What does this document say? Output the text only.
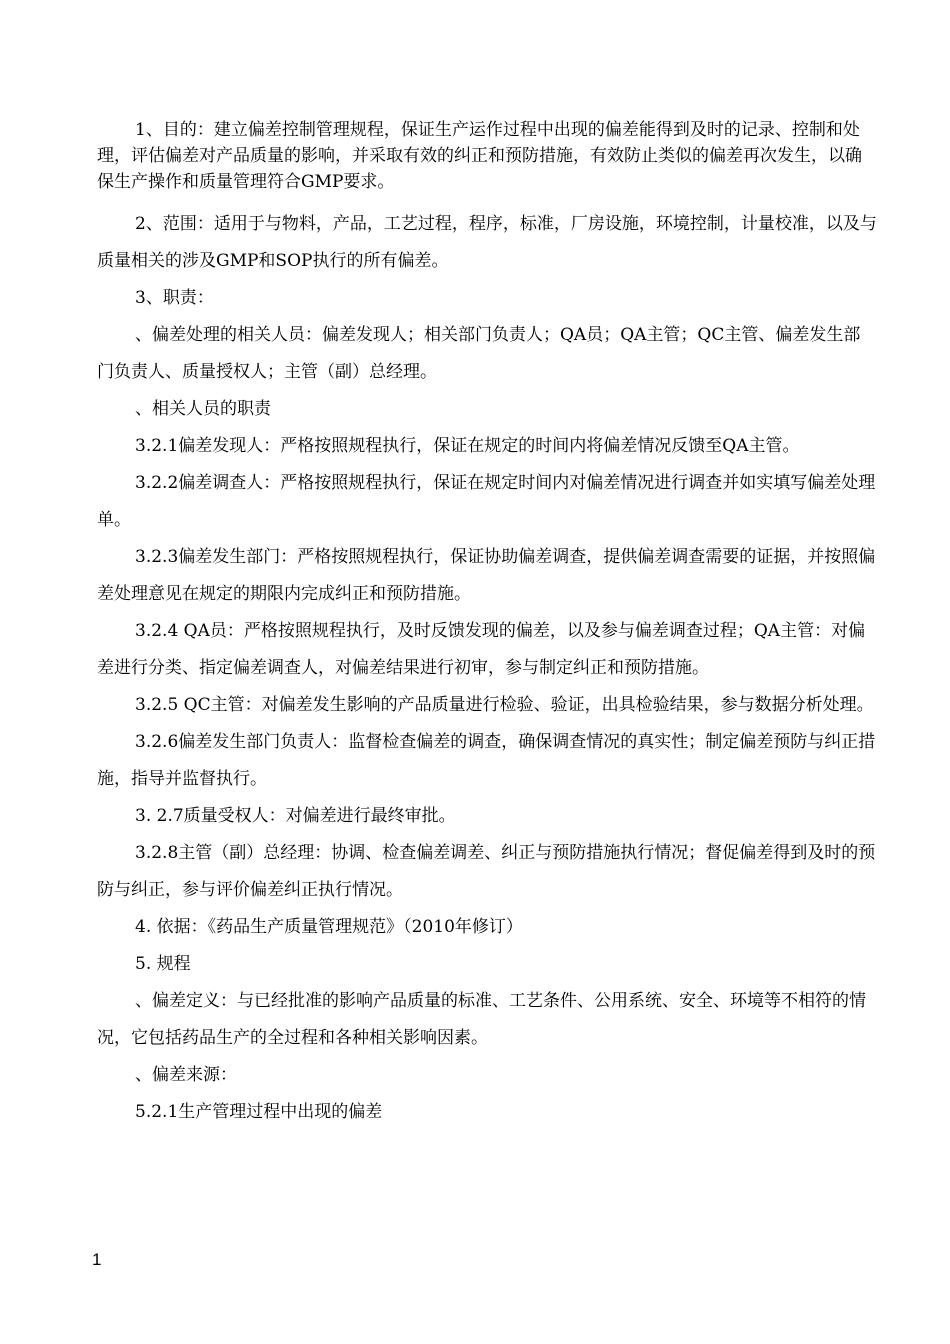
1、目的：建立偏差控制管理规程，保证生产运作过程中出现的偏差能得到及时的记录、控制和处理，评估偏差对产品质量的影响，并采取有效的纠正和预防措施，有效防止类似的偏差再次发生，以确保生产操作和质量管理符合GMP要求。

2、范围：适用于与物料，产品，工艺过程，程序，标准，厂房设施，环境控制，计量校准，以及与质量相关的涉及GMP和SOP执行的所有偏差。

3、职责：

、偏差处理的相关人员：偏差发现人；相关部门负责人；QA员；QA主管；QC主管、偏差发生部门负责人、质量授权人；主管（副）总经理。

、相关人员的职责

3.2.1偏差发现人：严格按照规程执行，保证在规定的时间内将偏差情况反馈至QA主管。

3.2.2偏差调查人：严格按照规程执行，保证在规定时间内对偏差情况进行调查并如实填写偏差处理单。

3.2.3偏差发生部门：严格按照规程执行，保证协助偏差调查，提供偏差调查需要的证据，并按照偏差处理意见在规定的期限内完成纠正和预防措施。

3.2.4 QA员：严格按照规程执行，及时反馈发现的偏差，以及参与偏差调查过程；QA主管：对偏差进行分类、指定偏差调查人，对偏差结果进行初审，参与制定纠正和预防措施。

3.2.5 QC主管：对偏差发生影响的产品质量进行检验、验证，出具检验结果，参与数据分析处理。

3.2.6偏差发生部门负责人：监督检查偏差的调查，确保调查情况的真实性；制定偏差预防与纠正措施，指导并监督执行。

3. 2.7质量受权人：对偏差进行最终审批。

3.2.8主管（副）总经理：协调、检查偏差调差、纠正与预防措施执行情况；督促偏差得到及时的预防与纠正，参与评价偏差纠正执行情况。

4. 依据：《药品生产质量管理规范》（2010年修订）

5. 规程

、偏差定义：与已经批准的影响产品质量的标准、工艺条件、公用系统、安全、环境等不相符的情况，它包括药品生产的全过程和各种相关影响因素。

、偏差来源：

5.2.1生产管理过程中出现的偏差

1
